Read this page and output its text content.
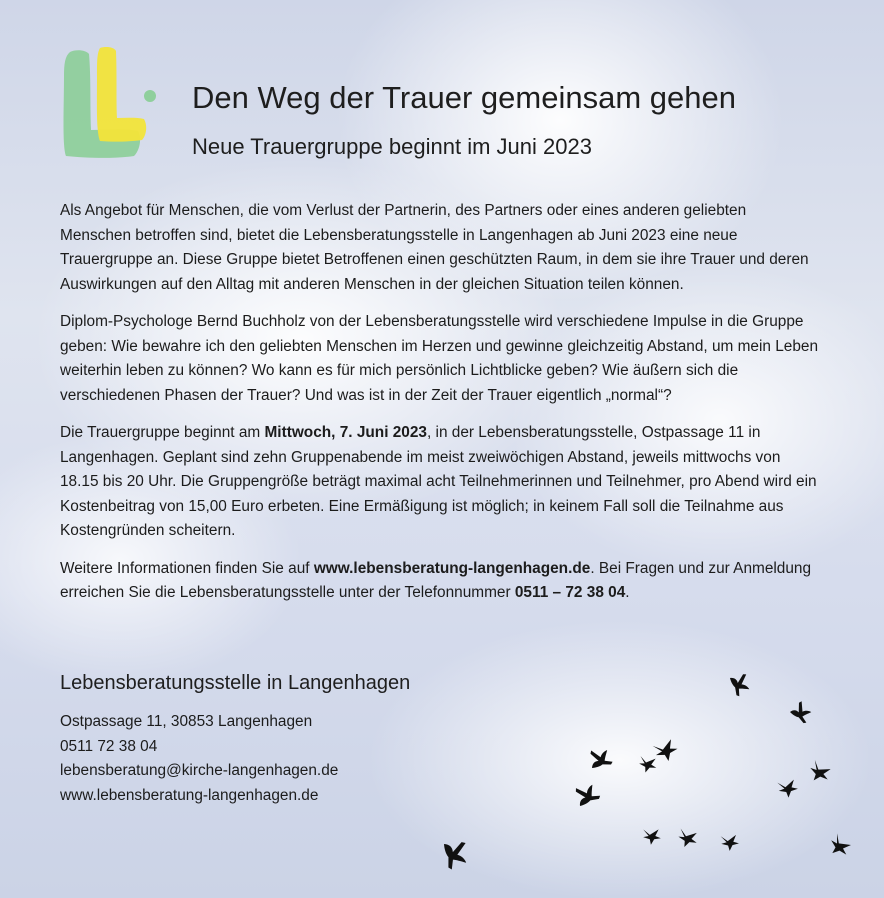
Den Weg der Trauer gemeinsam gehen
Neue Trauergruppe beginnt im Juni 2023

Als Angebot für Menschen, die vom Verlust der Partnerin, des Partners oder eines anderen geliebten Menschen betroffen sind, bietet die Lebensberatungsstelle in Langenhagen ab Juni 2023 eine neue Trauergruppe an. Diese Gruppe bietet Betroffenen einen geschützten Raum, in dem sie ihre Trauer und deren Auswirkungen auf den Alltag mit anderen Menschen in der gleichen Situation teilen können.

Diplom-Psychologe Bernd Buchholz von der Lebensberatungsstelle wird verschiedene Impulse in die Gruppe geben: Wie bewahre ich den geliebten Menschen im Herzen und gewinne gleichzeitig Abstand, um mein Leben weiterhin leben zu können? Wo kann es für mich persönlich Lichtblicke geben? Wie äußern sich die verschiedenen Phasen der Trauer? Und was ist in der Zeit der Trauer eigentlich „normal“?

Die Trauergruppe beginnt am Mittwoch, 7. Juni 2023, in der Lebensberatungsstelle, Ostpassage 11 in Langenhagen. Geplant sind zehn Gruppenabende im meist zweiwöchigen Abstand, jeweils mittwochs von 18.15 bis 20 Uhr. Die Gruppengröße beträgt maximal acht Teilnehmerinnen und Teilnehmer, pro Abend wird ein Kostenbeitrag von 15,00 Euro erbeten. Eine Ermäßigung ist möglich; in keinem Fall soll die Teilnahme aus Kostengründen scheitern.

Weitere Informationen finden Sie auf www.lebensberatung-langenhagen.de. Bei Fragen und zur Anmeldung erreichen Sie die Lebensberatungsstelle unter der Telefonnummer 0511 – 72 38 04.

Lebensberatungsstelle in Langenhagen
Ostpassage 11, 30853 Langenhagen
0511 72 38 04
lebensberatung@kirche-langenhagen.de
www.lebensberatung-langenhagen.de
